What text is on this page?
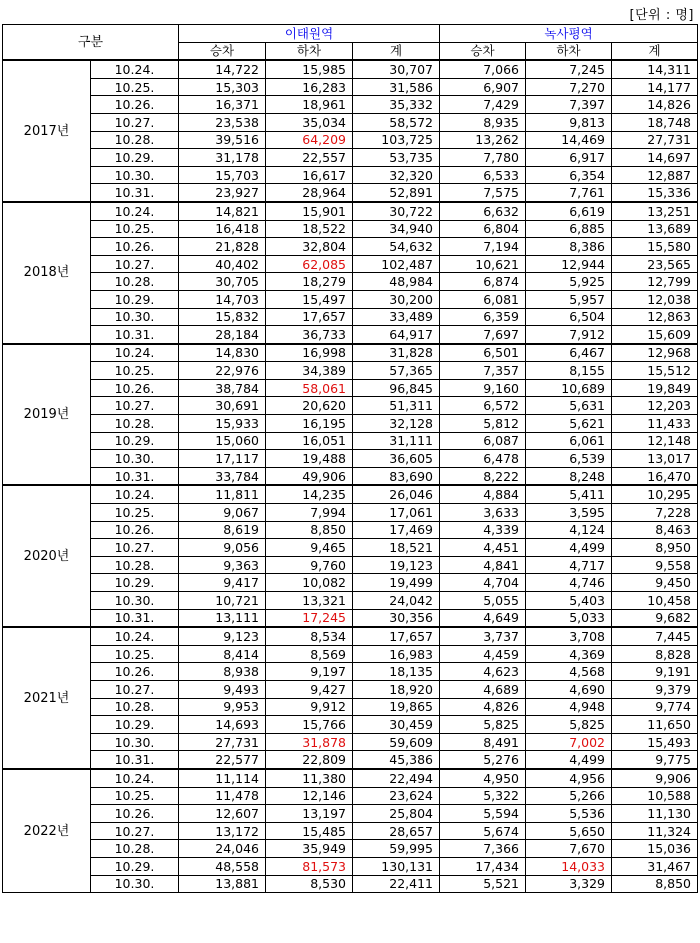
[단위 : 명]
구분		이태원역			녹사평역		
		승차	하차	계	승차	하차	계
2017년	10.24.	14,722	15,985	30,707	7,066	7,245	14,311
	10.25.	15,303	16,283	31,586	6,907	7,270	14,177
	10.26.	16,371	18,961	35,332	7,429	7,397	14,826
	10.27.	23,538	35,034	58,572	8,935	9,813	18,748
	10.28.	39,516	64,209	103,725	13,262	14,469	27,731
	10.29.	31,178	22,557	53,735	7,780	6,917	14,697
	10.30.	15,703	16,617	32,320	6,533	6,354	12,887
	10.31.	23,927	28,964	52,891	7,575	7,761	15,336
2018년	10.24.	14,821	15,901	30,722	6,632	6,619	13,251
	10.25.	16,418	18,522	34,940	6,804	6,885	13,689
	10.26.	21,828	32,804	54,632	7,194	8,386	15,580
	10.27.	40,402	62,085	102,487	10,621	12,944	23,565
	10.28.	30,705	18,279	48,984	6,874	5,925	12,799
	10.29.	14,703	15,497	30,200	6,081	5,957	12,038
	10.30.	15,832	17,657	33,489	6,359	6,504	12,863
	10.31.	28,184	36,733	64,917	7,697	7,912	15,609
2019년	10.24.	14,830	16,998	31,828	6,501	6,467	12,968
	10.25.	22,976	34,389	57,365	7,357	8,155	15,512
	10.26.	38,784	58,061	96,845	9,160	10,689	19,849
	10.27.	30,691	20,620	51,311	6,572	5,631	12,203
	10.28.	15,933	16,195	32,128	5,812	5,621	11,433
	10.29.	15,060	16,051	31,111	6,087	6,061	12,148
	10.30.	17,117	19,488	36,605	6,478	6,539	13,017
	10.31.	33,784	49,906	83,690	8,222	8,248	16,470
2020년	10.24.	11,811	14,235	26,046	4,884	5,411	10,295
	10.25.	9,067	7,994	17,061	3,633	3,595	7,228
	10.26.	8,619	8,850	17,469	4,339	4,124	8,463
	10.27.	9,056	9,465	18,521	4,451	4,499	8,950
	10.28.	9,363	9,760	19,123	4,841	4,717	9,558
	10.29.	9,417	10,082	19,499	4,704	4,746	9,450
	10.30.	10,721	13,321	24,042	5,055	5,403	10,458
	10.31.	13,111	17,245	30,356	4,649	5,033	9,682
2021년	10.24.	9,123	8,534	17,657	3,737	3,708	7,445
	10.25.	8,414	8,569	16,983	4,459	4,369	8,828
	10.26.	8,938	9,197	18,135	4,623	4,568	9,191
	10.27.	9,493	9,427	18,920	4,689	4,690	9,379
	10.28.	9,953	9,912	19,865	4,826	4,948	9,774
	10.29.	14,693	15,766	30,459	5,825	5,825	11,650
	10.30.	27,731	31,878	59,609	8,491	7,002	15,493
	10.31.	22,577	22,809	45,386	5,276	4,499	9,775
2022년	10.24.	11,114	11,380	22,494	4,950	4,956	9,906
	10.25.	11,478	12,146	23,624	5,322	5,266	10,588
	10.26.	12,607	13,197	25,804	5,594	5,536	11,130
	10.27.	13,172	15,485	28,657	5,674	5,650	11,324
	10.28.	24,046	35,949	59,995	7,366	7,670	15,036
	10.29.	48,558	81,573	130,131	17,434	14,033	31,467
	10.30.	13,881	8,530	22,411	5,521	3,329	8,850
